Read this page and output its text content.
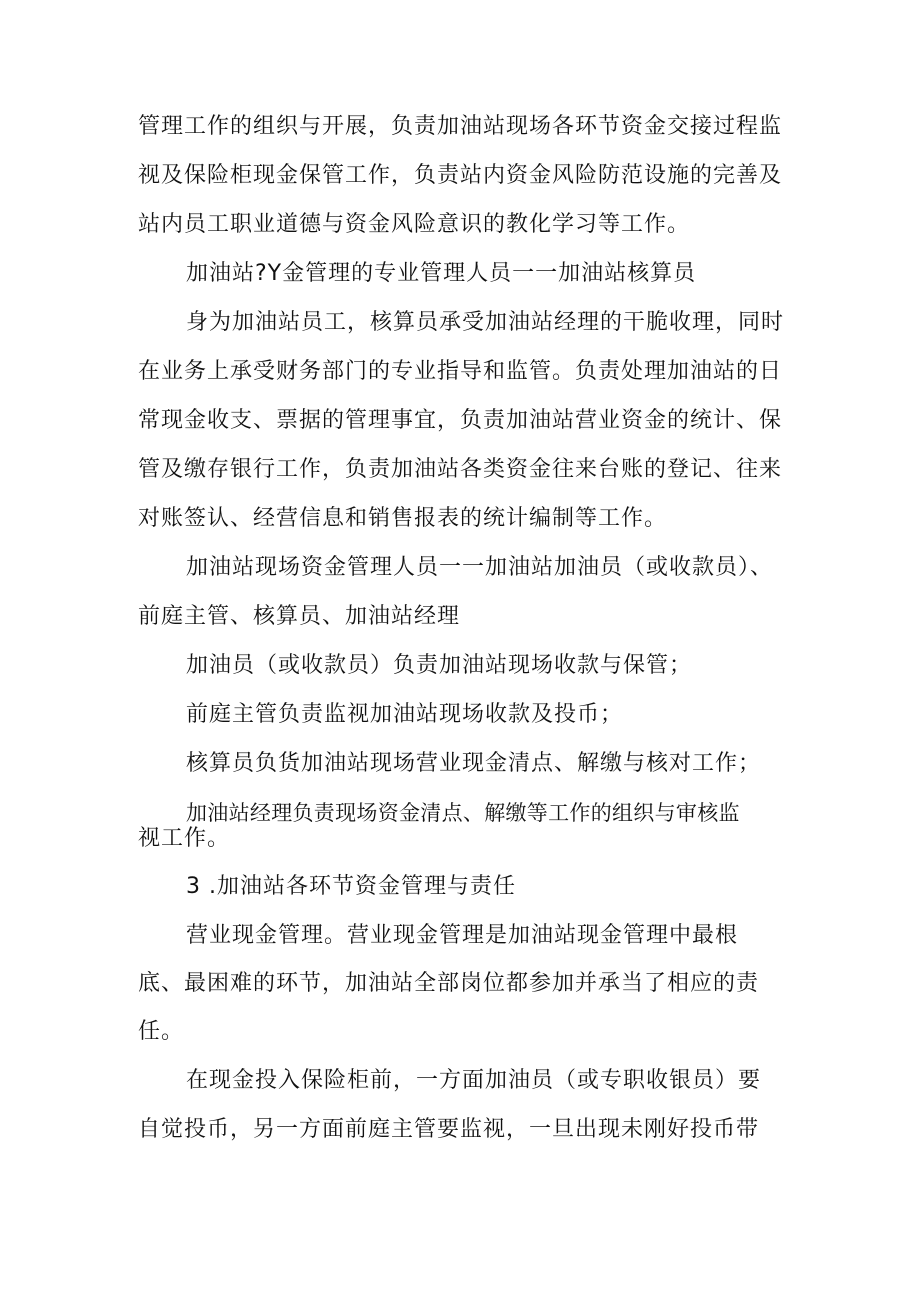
管理工作的组织与开展，负责加油站现场各环节资金交接过程监
视及保险柜现金保管工作，负责站内资金风险防范设施的完善及
站内员工职业道德与资金风险意识的教化学习等工作。
加油站?Y金管理的专业管理人员一一加油站核算员
身为加油站员工，核算员承受加油站经理的干脆收理，同时
在业务上承受财务部门的专业指导和监管。负责处理加油站的日
常现金收支、票据的管理事宜，负责加油站营业资金的统计、保
管及缴存银行工作，负责加油站各类资金往来台账的登记、往来
对账签认、经营信息和销售报表的统计编制等工作。
加油站现场资金管理人员一一加油站加油员（或收款员）、
前庭主管、核算员、加油站经理
加油员（或收款员）负责加油站现场收款与保管；
前庭主管负责监视加油站现场收款及投币；
核算员负货加油站现场营业现金清点、解缴与核对工作；
加油站经理负责现场资金清点、解缴等工作的组织与审核监
视工作。
3 .加油站各环节资金管理与责任
营业现金管理。营业现金管理是加油站现金管理中最根
底、最困难的环节，加油站全部岗位都参加并承当了相应的责
任。
在现金投入保险柜前，一方面加油员（或专职收银员）要
自觉投币，另一方面前庭主管要监视，一旦出现未刚好投币带
